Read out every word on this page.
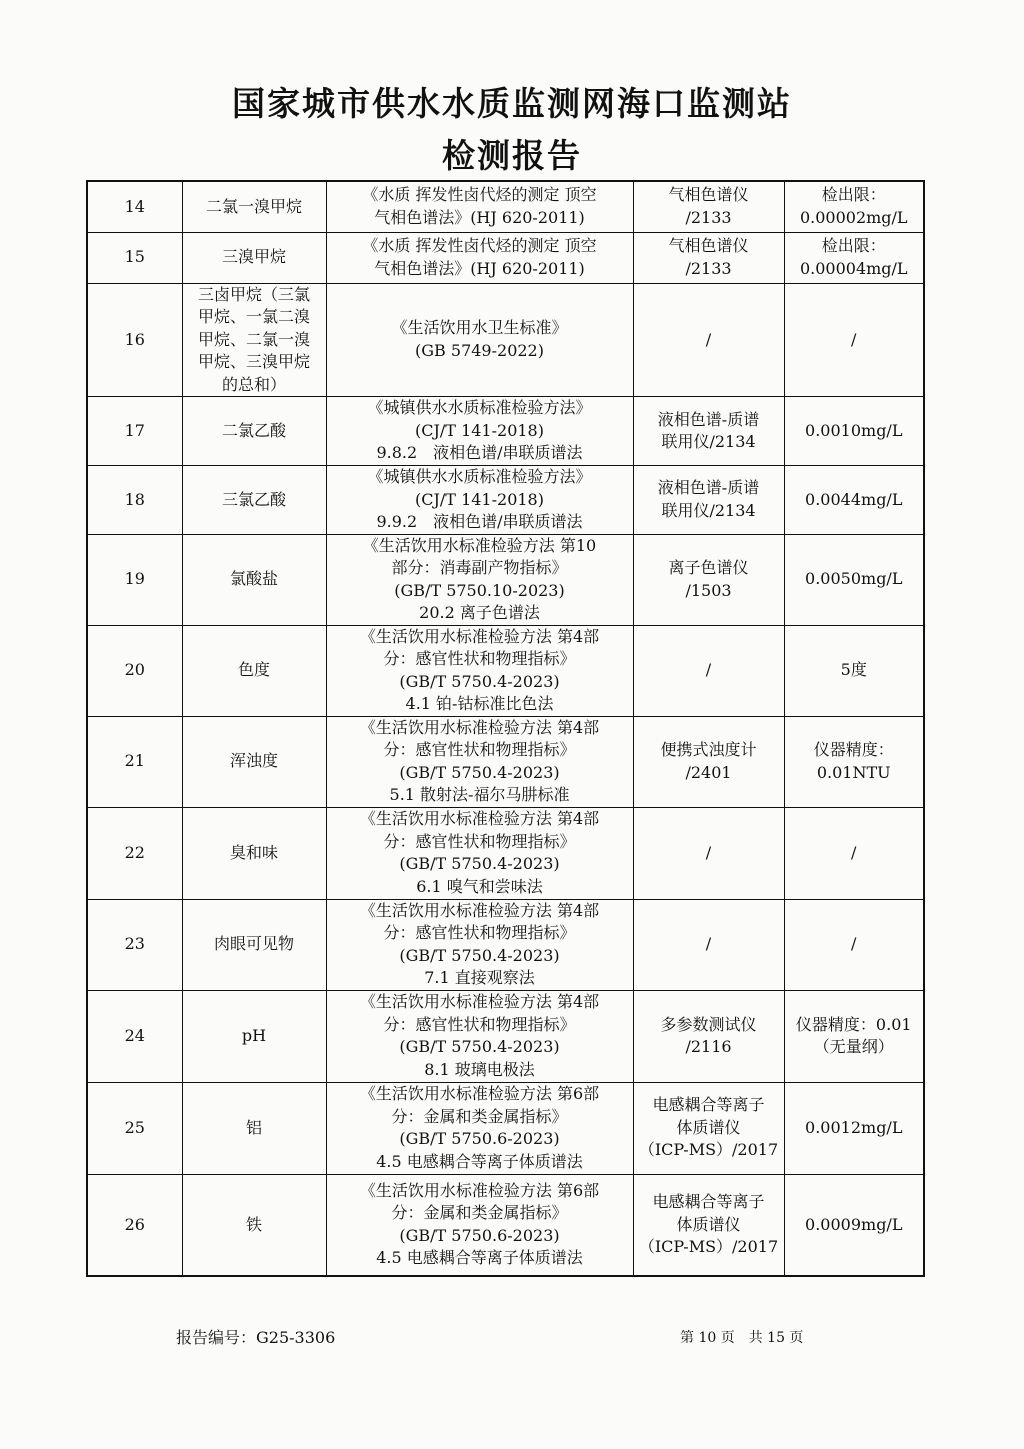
国家城市供水水质监测网海口监测站
检测报告
14	二氯一溴甲烷	《水质 挥发性卤代烃的测定 顶空
气相色谱法》(HJ 620-2011)	气相色谱仪
/2133	检出限：
0.00002mg/L

15	三溴甲烷	《水质 挥发性卤代烃的测定 顶空
气相色谱法》(HJ 620-2011)	气相色谱仪
/2133	检出限：
0.00004mg/L

16	三卤甲烷（三氯
甲烷、一氯二溴
甲烷、二氯一溴
甲烷、三溴甲烷
的总和）	《生活饮用水卫生标准》
(GB 5749-2022)	/	/

17	二氯乙酸	《城镇供水水质标准检验方法》
(CJ/T 141-2018)
9.8.2　液相色谱/串联质谱法	液相色谱-质谱
联用仪/2134	0.0010mg/L

18	三氯乙酸	《城镇供水水质标准检验方法》
(CJ/T 141-2018)
9.9.2　液相色谱/串联质谱法	液相色谱-质谱
联用仪/2134	0.0044mg/L

19	氯酸盐	《生活饮用水标准检验方法 第10
部分：消毒副产物指标》
(GB/T 5750.10-2023)
20.2 离子色谱法	离子色谱仪
/1503	0.0050mg/L

20	色度	《生活饮用水标准检验方法 第4部
分：感官性状和物理指标》
(GB/T 5750.4-2023)
4.1 铂-钴标准比色法	/	5度

21	浑浊度	《生活饮用水标准检验方法 第4部
分：感官性状和物理指标》
(GB/T 5750.4-2023)
5.1 散射法-福尔马肼标准	便携式浊度计
/2401	仪器精度：
0.01NTU

22	臭和味	《生活饮用水标准检验方法 第4部
分：感官性状和物理指标》
(GB/T 5750.4-2023)
6.1 嗅气和尝味法	/	/

23	肉眼可见物	《生活饮用水标准检验方法 第4部
分：感官性状和物理指标》
(GB/T 5750.4-2023)
7.1 直接观察法	/	/

24	pH	《生活饮用水标准检验方法 第4部
分：感官性状和物理指标》
(GB/T 5750.4-2023)
8.1 玻璃电极法	多参数测试仪
/2116	仪器精度：0.01
（无量纲）

25	铝	《生活饮用水标准检验方法 第6部
分：金属和类金属指标》
(GB/T 5750.6-2023)
4.5 电感耦合等离子体质谱法	电感耦合等离子
体质谱仪
（ICP-MS）/2017	0.0012mg/L

26	铁	《生活饮用水标准检验方法 第6部
分：金属和类金属指标》
(GB/T 5750.6-2023)
4.5 电感耦合等离子体质谱法	电感耦合等离子
体质谱仪
（ICP-MS）/2017	0.0009mg/L
报告编号：G25-3306	第 10 页　共 15 页
